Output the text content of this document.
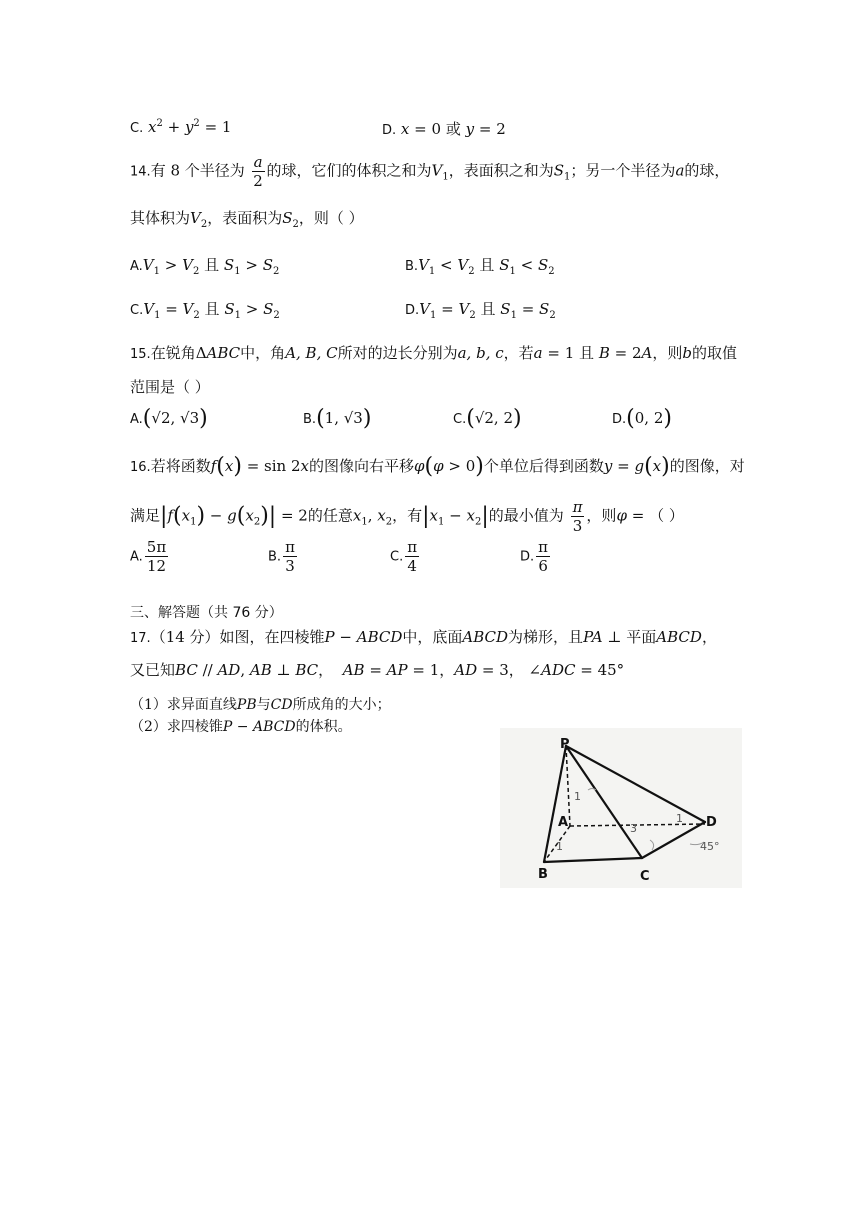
C. $x^2 + y^2 = 1$	D. x = 0 或 y = 2
14.有 8 个半径为 $\frac{a}{2}$ 的球，它们的体积之和为$V_1$，表面积之和为$S_1$；另一个半径为a的球，
其体积为$V_2$，表面积为$S_2$，则（ ）
$A.V_1 > V_2$ 且 $S_1 > S_2$	$B.V_1 < V_2$ 且 $S_1 < S_2$
$C.V_1 = V_2$ 且 $S_1 > S_2$	$D.V_1 = V_2$ 且 $S_1 = S_2$
15.在锐角ΔABC中，角A, B, C所对的边长分别为a, b, c，若a = 1 且 B = 2A，则b的取值
范围是（ ）
A.(√2, √3)	B.(1, √3)	C.(√2, 2)	D.(0, 2)
16.若将函数f(x) = sin 2x的图像向右平移φ(φ > 0)个单位后得到函数y = g(x)的图像，对
满足$|f(x_1) - g(x_2)| = 2$的任意$x_1$, $x_2$，有$|x_1 - x_2|$的最小值为 $\frac{\pi}{3}$ ，则φ = （ ）
A. $\frac{5\pi}{12}$	B. $\frac{\pi}{3}$	C. $\frac{\pi}{4}$	D. $\frac{\pi}{6}$
三、解答题（共 76 分）
17.（14 分）如图，在四棱锥P − ABCD中，底面ABCD为梯形，且PA ⊥ 平面ABCD，
又已知BC // AD, AB ⊥ BC，  AB = AP = 1，AD = 3， ∠ADC = 45°
（1）求异面直线PB与CD所成角的大小；
（2）求四棱锥P − ABCD的体积。
P
A
B	C
D
1
1
1
3
45°
